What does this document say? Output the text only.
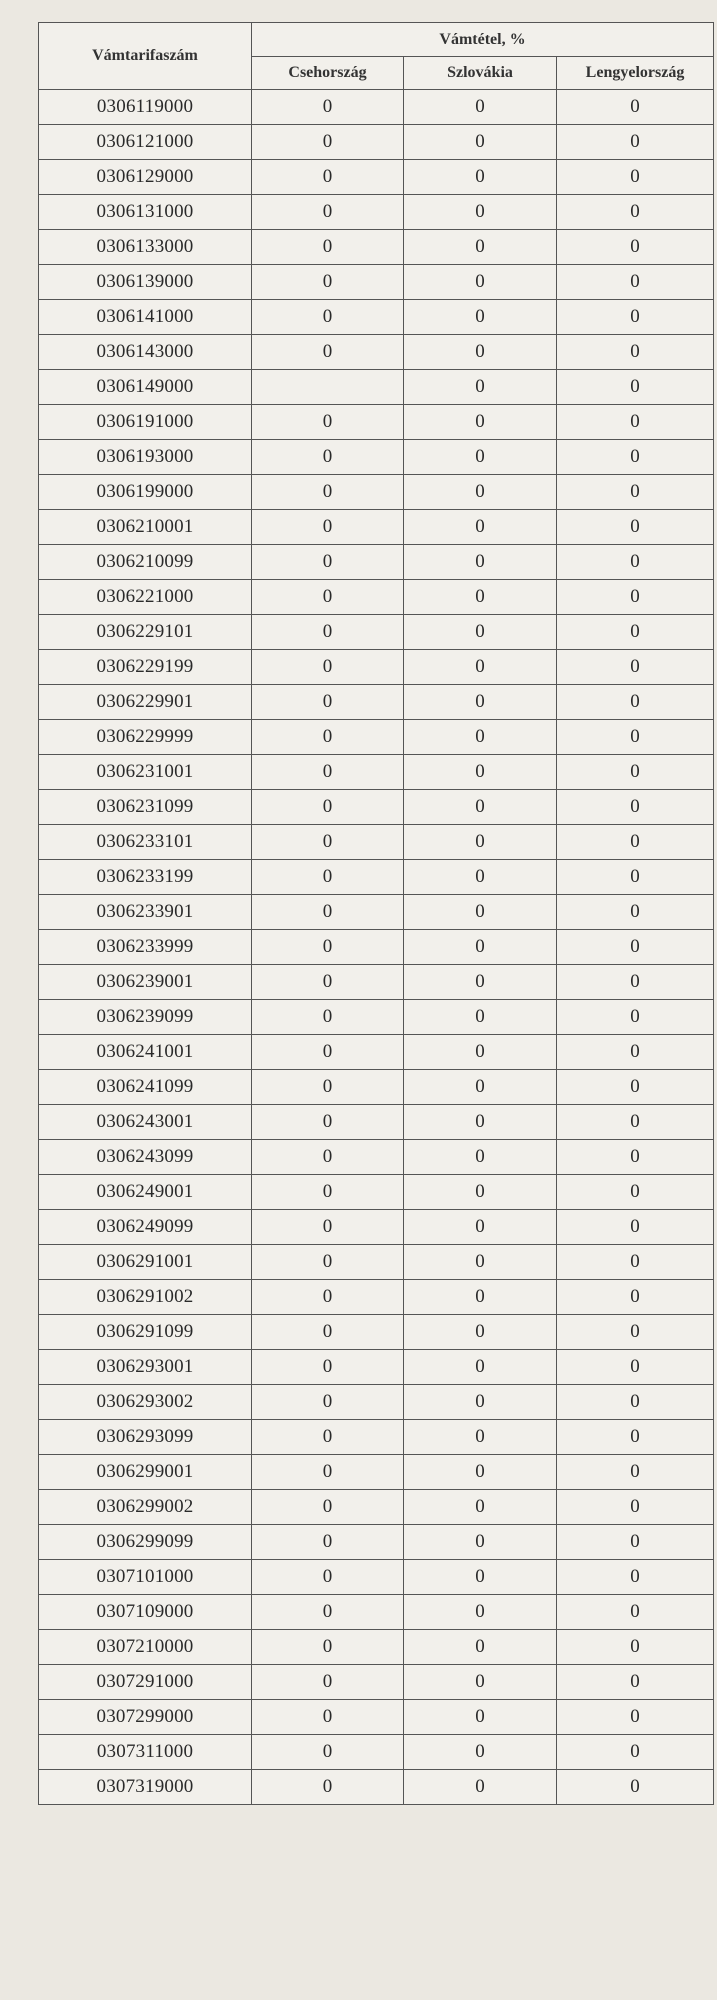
Vámtarifaszám	Vámtétel, %		
	Csehország	Szlovákia	Lengyelország
0306119000	0	0	0
0306121000	0	0	0
0306129000	0	0	0
0306131000	0	0	0
0306133000	0	0	0
0306139000	0	0	0
0306141000	0	0	0
0306143000	0	0	0
0306149000		0	0
0306191000	0	0	0
0306193000	0	0	0
0306199000	0	0	0
0306210001	0	0	0
0306210099	0	0	0
0306221000	0	0	0
0306229101	0	0	0
0306229199	0	0	0
0306229901	0	0	0
0306229999	0	0	0
0306231001	0	0	0
0306231099	0	0	0
0306233101	0	0	0
0306233199	0	0	0
0306233901	0	0	0
0306233999	0	0	0
0306239001	0	0	0
0306239099	0	0	0
0306241001	0	0	0
0306241099	0	0	0
0306243001	0	0	0
0306243099	0	0	0
0306249001	0	0	0
0306249099	0	0	0
0306291001	0	0	0
0306291002	0	0	0
0306291099	0	0	0
0306293001	0	0	0
0306293002	0	0	0
0306293099	0	0	0
0306299001	0	0	0
0306299002	0	0	0
0306299099	0	0	0
0307101000	0	0	0
0307109000	0	0	0
0307210000	0	0	0
0307291000	0	0	0
0307299000	0	0	0
0307311000	0	0	0
0307319000	0	0	0
